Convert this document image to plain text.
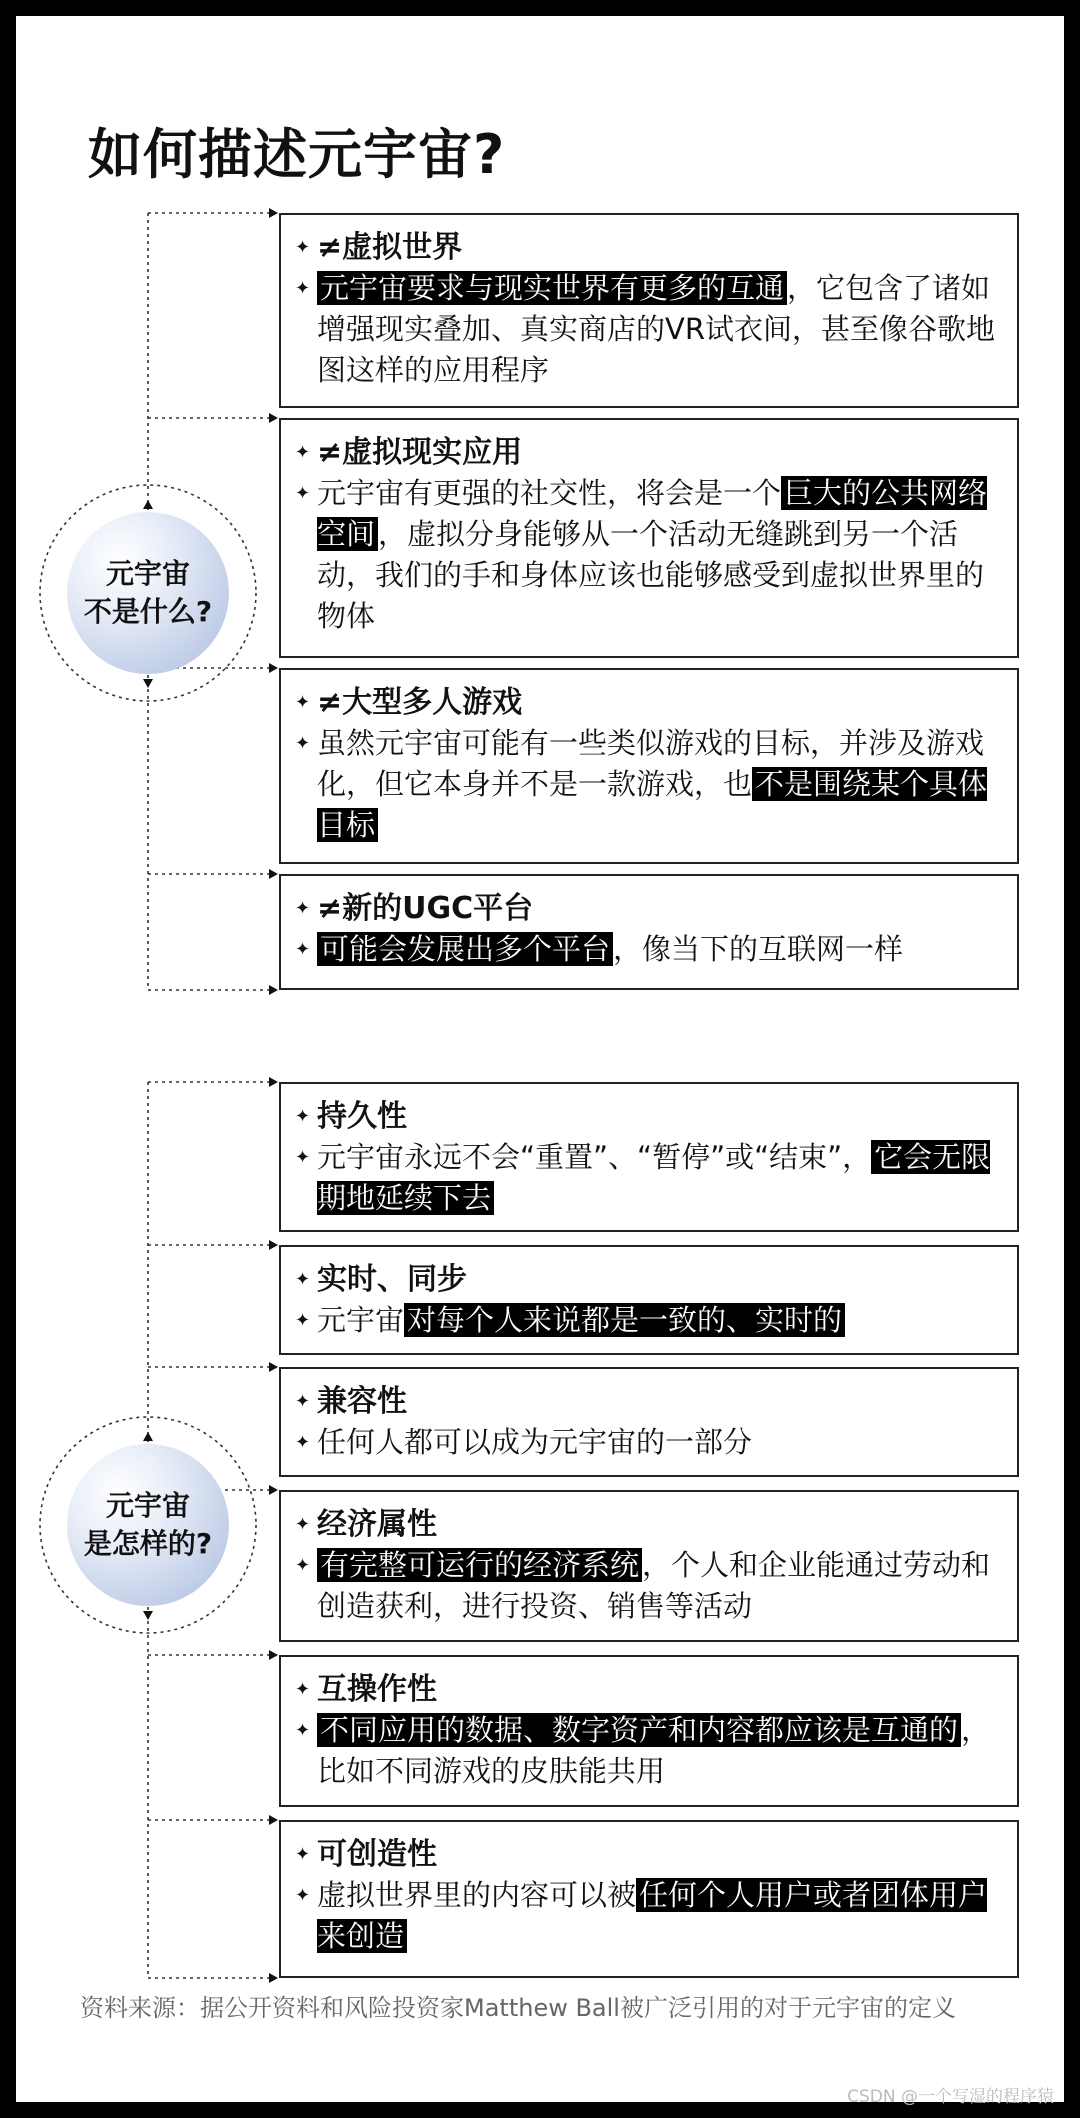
如何描述元宇宙?
元宇宙
不是什么?
✦ ≠虚拟世界
✦ 元宇宙要求与现实世界有更多的互通 ，它包含了诸如增强现实叠加、真实商店的VR试衣间，甚至像谷歌地图这样的应用程序
✦ ≠虚拟现实应用
✦ 元宇宙有更强的社交性，将会是一个 巨大的公共网络空间 ，虚拟分身能够从一个活动无缝跳到另一个活动，我们的手和身体应该也能够感受到虚拟世界里的物体
✦ ≠大型多人游戏
✦ 虽然元宇宙可能有一些类似游戏的目标，并涉及游戏化，但它本身并不是一款游戏，也 不是围绕某个具体目标
✦ ≠新的UGC平台
✦ 可能会发展出多个平台 ，像当下的互联网一样
元宇宙
是怎样的?
✦ 持久性
✦ 元宇宙永远不会“重置”、“暂停”或“结束”， 它会无限期地延续下去
✦ 实时、同步
✦ 元宇宙 对每个人来说都是一致的、实时的
✦ 兼容性
✦ 任何人都可以成为元宇宙的一部分
✦ 经济属性
✦ 有完整可运行的经济系统 ，个人和企业能通过劳动和创造获利，进行投资、销售等活动
✦ 互操作性
✦ 不同应用的数据、数字资产和内容都应该是互通的 ，比如不同游戏的皮肤能共用
✦ 可创造性
✦ 虚拟世界里的内容可以被 任何个人用户或者团体用户来创造
资料来源：据公开资料和风险投资家Matthew Ball被广泛引用的对于元宇宙的定义
CSDN @一个写湿的程序猿
